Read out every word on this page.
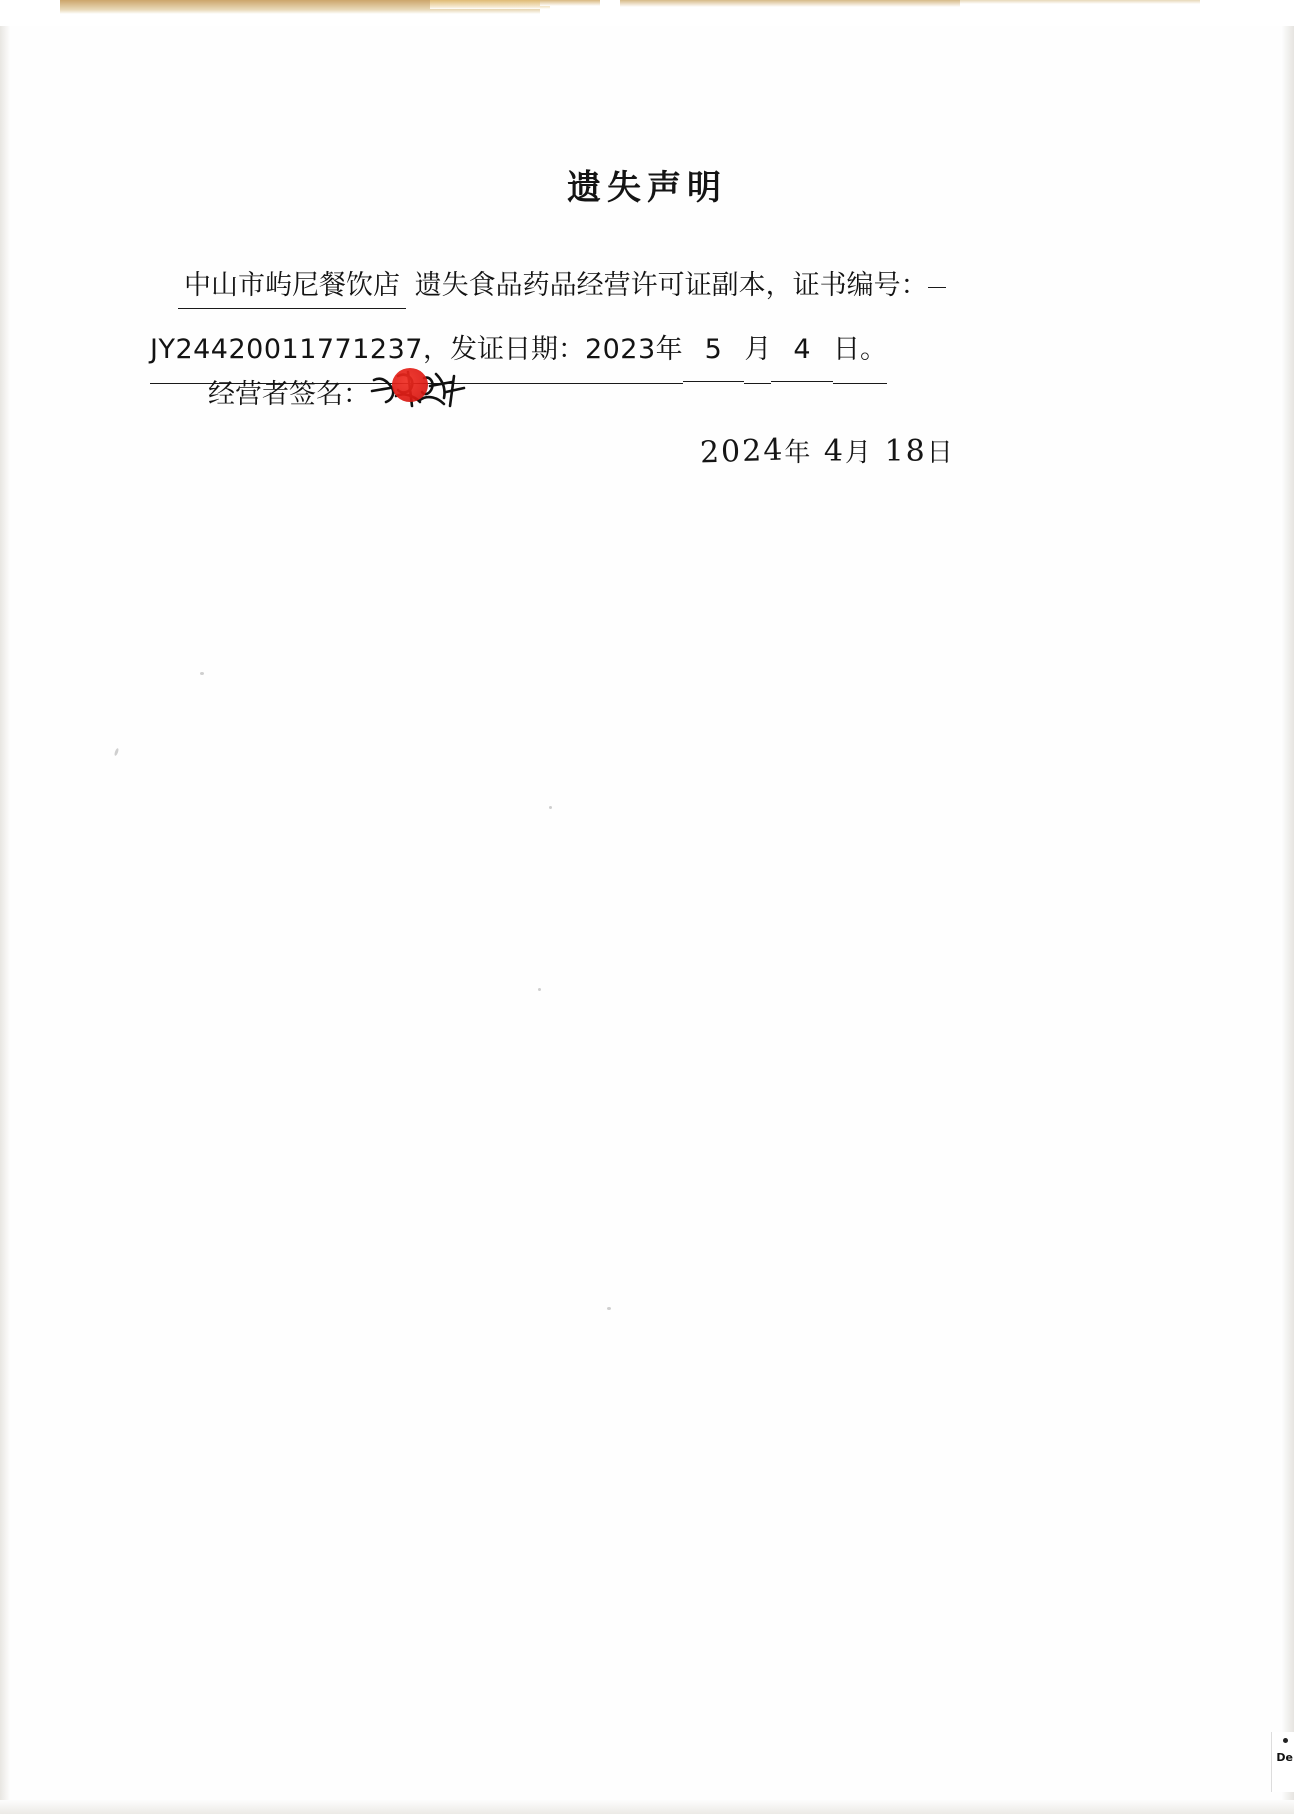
遗失声明
中山市屿尼餐饮店 遗失食品药品经营许可证副本，证书编号：
JY24420011771237，发证日期：2023年 5 月 4 日。
经营者签名：
2024年 4月 18日
De
